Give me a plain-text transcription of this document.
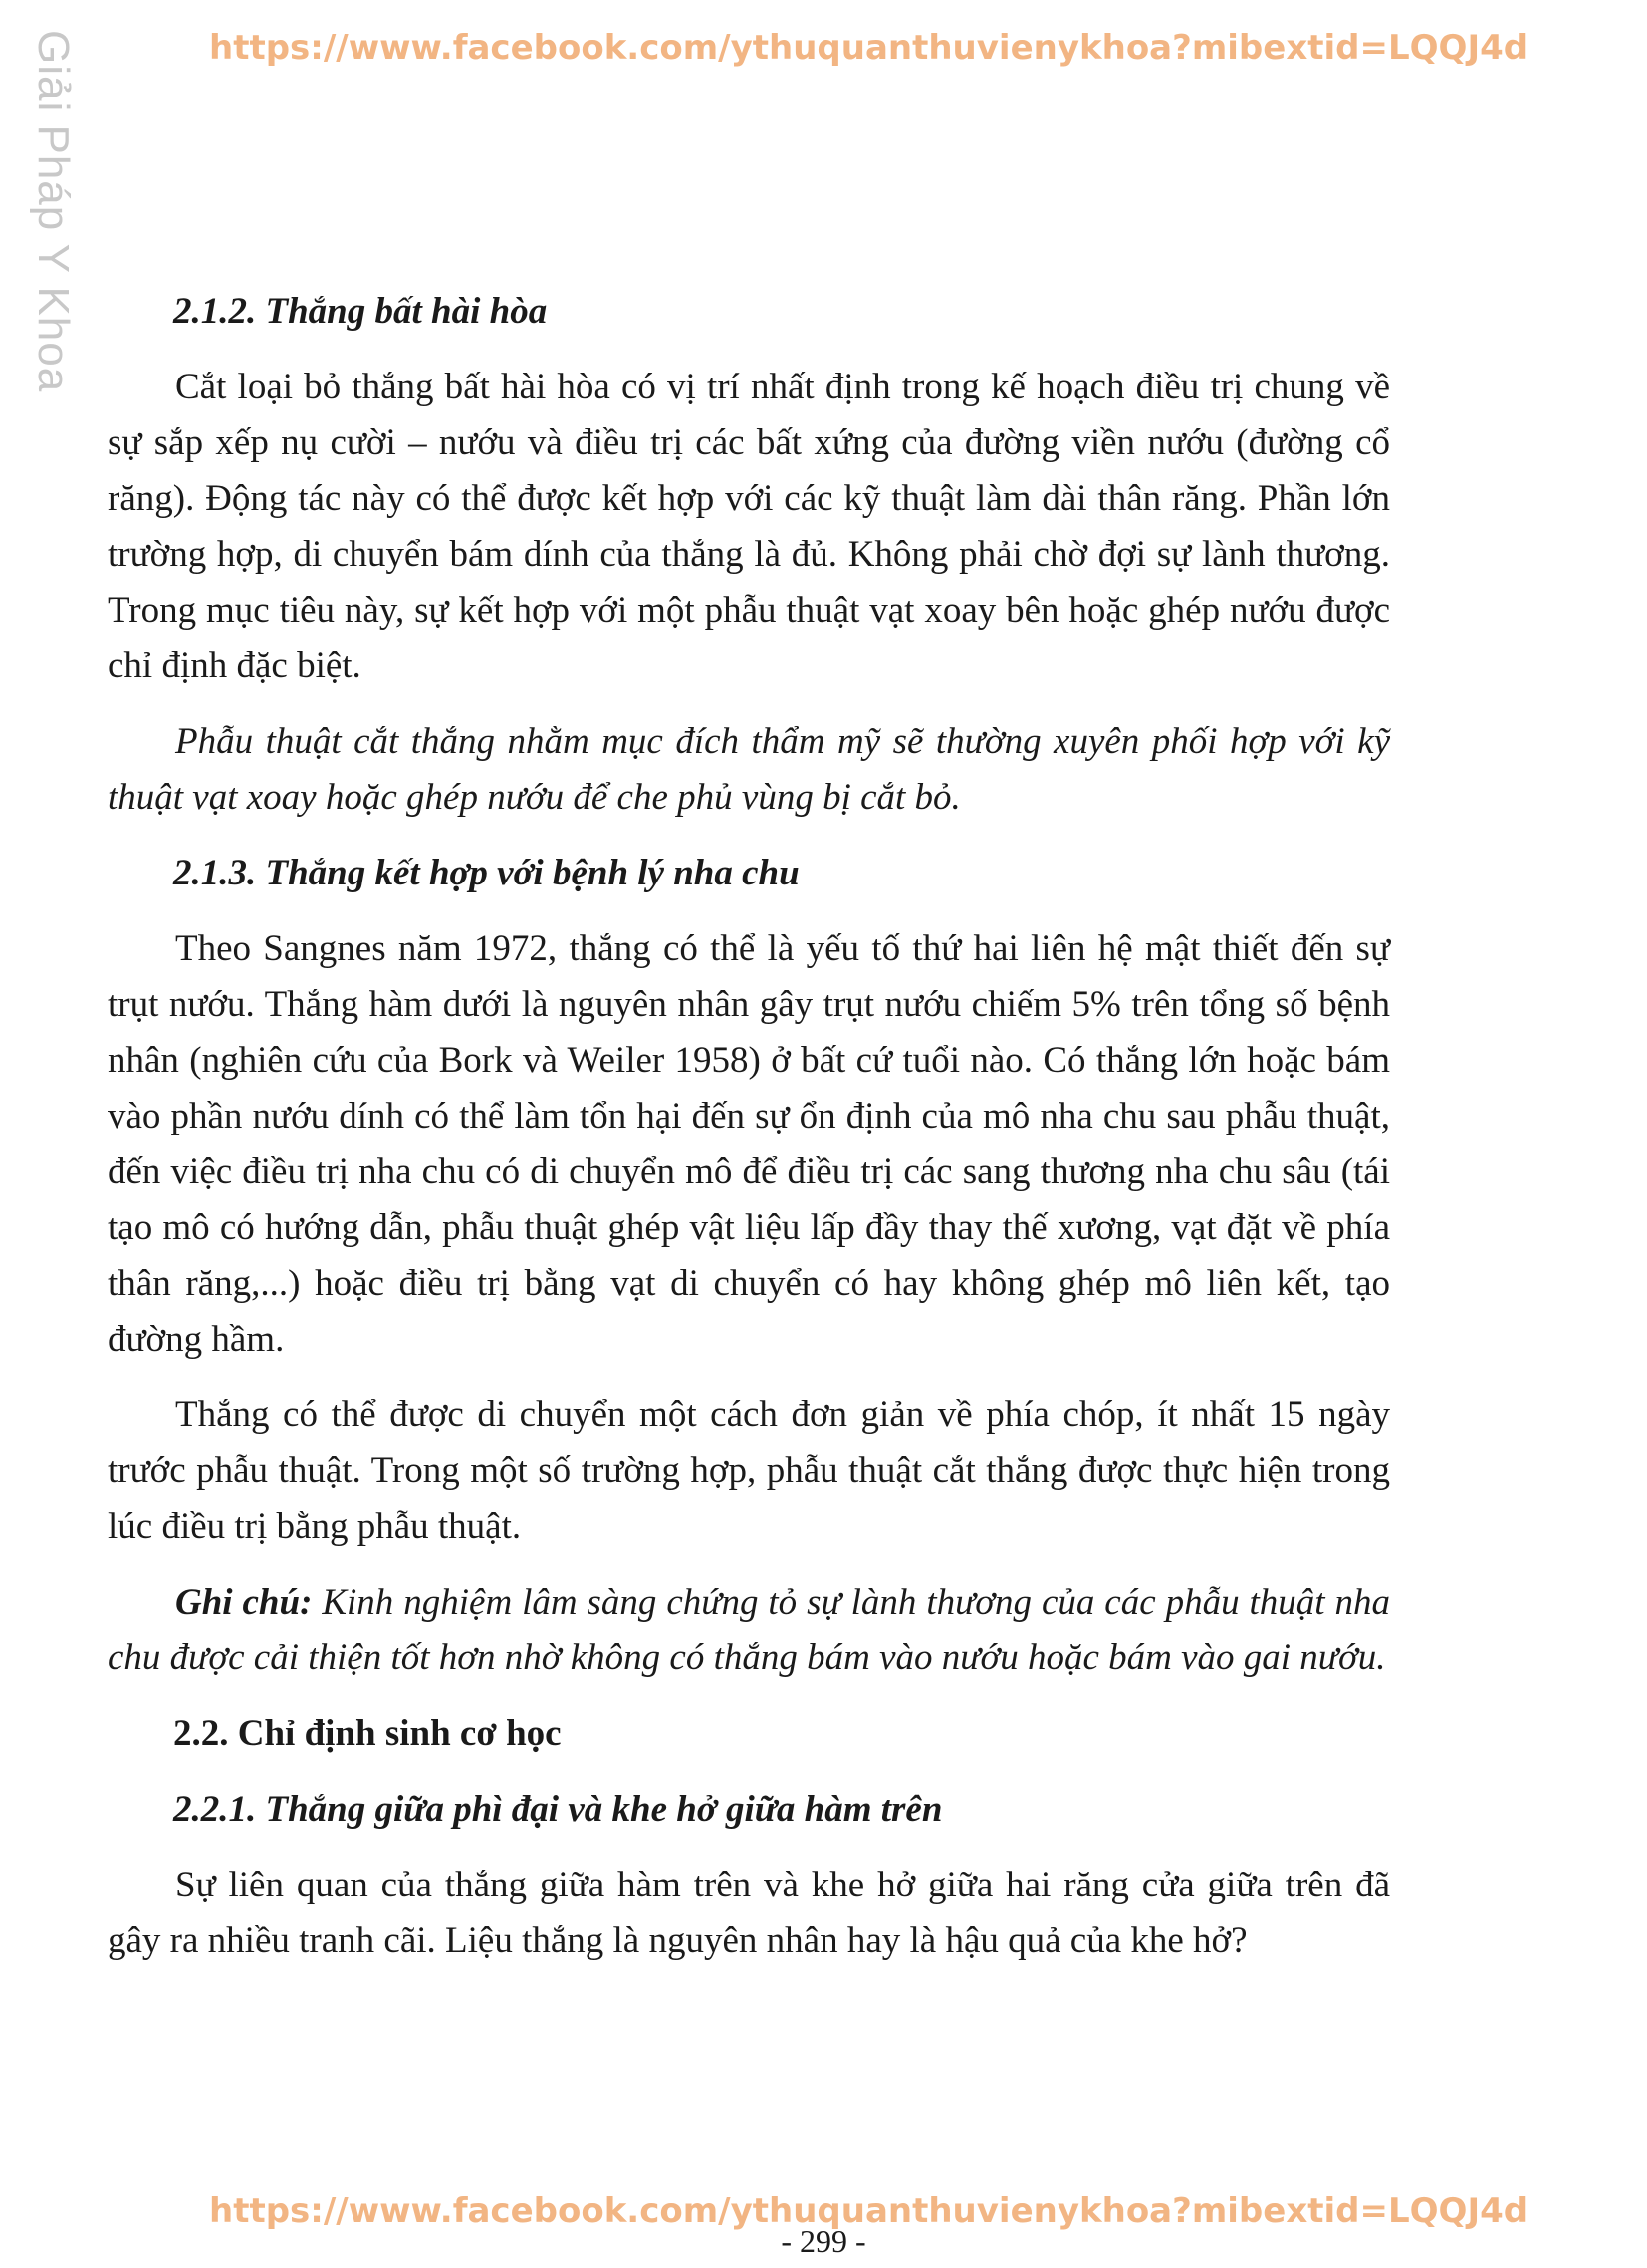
Giải Pháp Y Khoa	https://www.facebook.com/ythuquanthuvienykhoa?mibextid=LQQJ4d
2.1.2. Thắng bất hài hòa
Cắt loại bỏ thắng bất hài hòa có vị trí nhất định trong kế hoạch điều trị chung về sự sắp xếp nụ cười – nướu và điều trị các bất xứng của đường viền nướu (đường cổ răng). Động tác này có thể được kết hợp với các kỹ thuật làm dài thân răng. Phần lớn trường hợp, di chuyển bám dính của thắng là đủ. Không phải chờ đợi sự lành thương. Trong mục tiêu này, sự kết hợp với một phẫu thuật vạt xoay bên hoặc ghép nướu được chỉ định đặc biệt.
Phẫu thuật cắt thắng nhằm mục đích thẩm mỹ sẽ thường xuyên phối hợp với kỹ thuật vạt xoay hoặc ghép nướu để che phủ vùng bị cắt bỏ.
2.1.3. Thắng kết hợp với bệnh lý nha chu
Theo Sangnes năm 1972, thắng có thể là yếu tố thứ hai liên hệ mật thiết đến sự trụt nướu. Thắng hàm dưới là nguyên nhân gây trụt nướu chiếm 5% trên tổng số bệnh nhân (nghiên cứu của Bork và Weiler 1958) ở bất cứ tuổi nào. Có thắng lớn hoặc bám vào phần nướu dính có thể làm tổn hại đến sự ổn định của mô nha chu sau phẫu thuật, đến việc điều trị nha chu có di chuyển mô để điều trị các sang thương nha chu sâu (tái tạo mô có hướng dẫn, phẫu thuật ghép vật liệu lấp đầy thay thế xương, vạt đặt về phía thân răng,...) hoặc điều trị bằng vạt di chuyển có hay không ghép mô liên kết, tạo đường hầm.
Thắng có thể được di chuyển một cách đơn giản về phía chóp, ít nhất 15 ngày trước phẫu thuật. Trong một số trường hợp, phẫu thuật cắt thắng được thực hiện trong lúc điều trị bằng phẫu thuật.
Ghi chú: Kinh nghiệm lâm sàng chứng tỏ sự lành thương của các phẫu thuật nha chu được cải thiện tốt hơn nhờ không có thắng bám vào nướu hoặc bám vào gai nướu.
2.2. Chỉ định sinh cơ học
2.2.1. Thắng giữa phì đại và khe hở giữa hàm trên
Sự liên quan của thắng giữa hàm trên và khe hở giữa hai răng cửa giữa trên đã gây ra nhiều tranh cãi. Liệu thắng là nguyên nhân hay là hậu quả của khe hở?
https://www.facebook.com/ythuquanthuvienykhoa?mibextid=LQQJ4d
- 299 -
